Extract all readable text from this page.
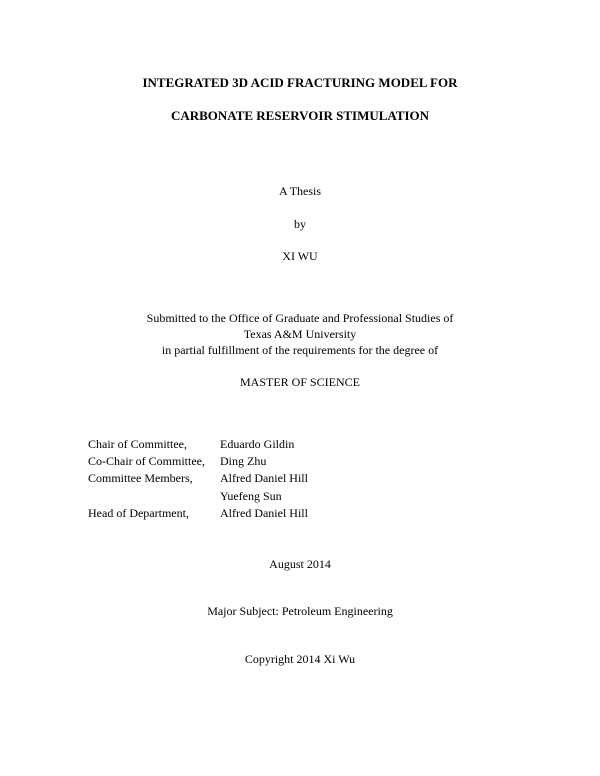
INTEGRATED 3D ACID FRACTURING MODEL FOR
CARBONATE RESERVOIR STIMULATION
A Thesis
by
XI WU
Submitted to the Office of Graduate and Professional Studies of
Texas A&M University
in partial fulfillment of the requirements for the degree of
MASTER OF SCIENCE
Chair of Committee,	Eduardo Gildin
Co-Chair of Committee,	Ding Zhu
Committee Members,	Alfred Daniel Hill
Yuefeng Sun
Head of Department,	Alfred Daniel Hill
August 2014
Major Subject: Petroleum Engineering
Copyright 2014 Xi Wu
